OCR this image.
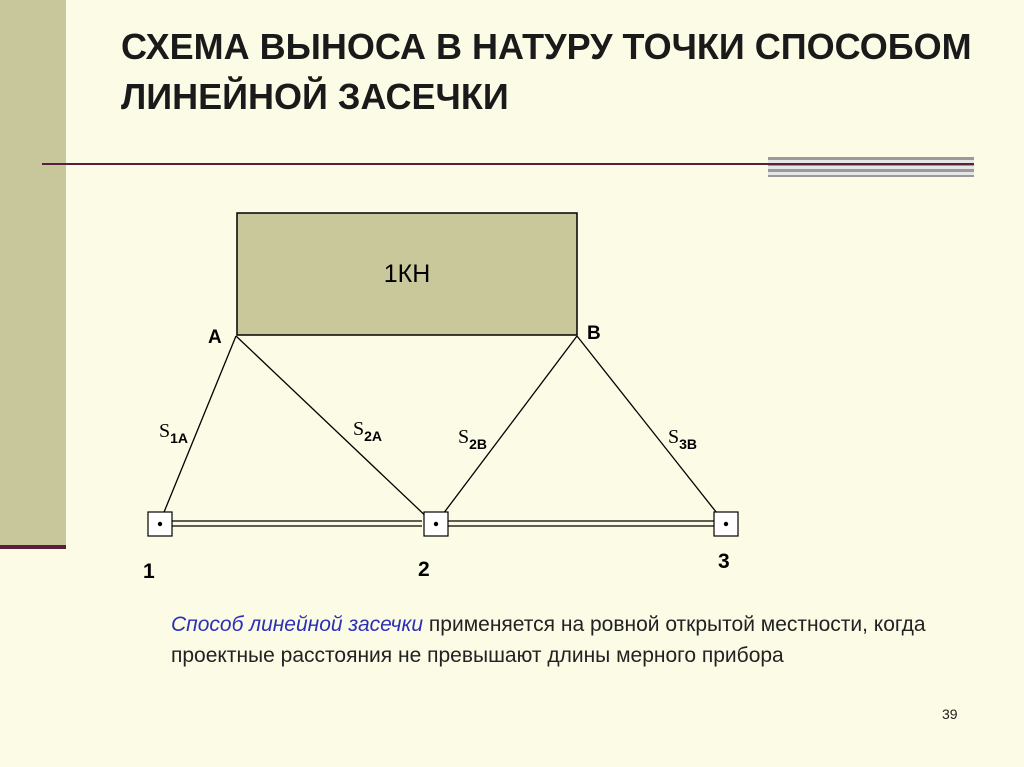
СХЕМА ВЫНОСА В НАТУРУ ТОЧКИ СПОСОБОМ ЛИНЕЙНОЙ ЗАСЕЧКИ
1КН
А	В
1	2	3
$S_{1А}$	$S_{2А}$	$S_{2В}$	$S_{3В}$

Способ линейной засечки применяется на ровной открытой местности, когда проектные расстояния не превышают длины мерного прибора

39
